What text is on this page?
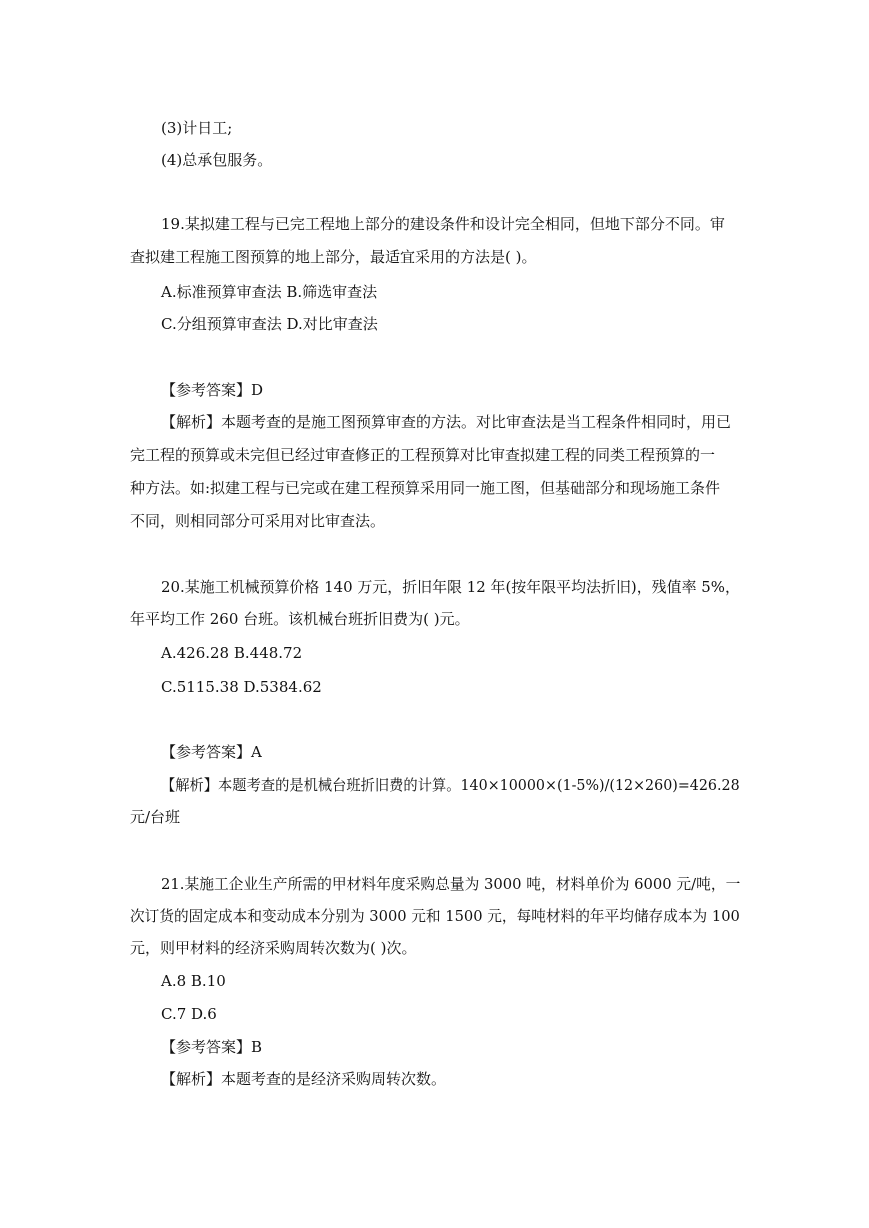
(3)计日工;

(4)总承包服务。

19.某拟建工程与已完工程地上部分的建设条件和设计完全相同，但地下部分不同。审

查拟建工程施工图预算的地上部分，最适宜采用的方法是( )。

A.标准预算审查法 B.筛选审查法

C.分组预算审查法 D.对比审查法

【参考答案】D

【解析】本题考查的是施工图预算审查的方法。对比审查法是当工程条件相同时，用已

完工程的预算或未完但已经过审查修正的工程预算对比审查拟建工程的同类工程预算的一

种方法。如:拟建工程与已完或在建工程预算采用同一施工图，但基础部分和现场施工条件

不同，则相同部分可采用对比审查法。

20.某施工机械预算价格 140 万元，折旧年限 12 年(按年限平均法折旧)，残值率 5%，

年平均工作 260 台班。该机械台班折旧费为( )元。

A.426.28 B.448.72

C.5115.38 D.5384.62

【参考答案】A

【解析】本题考查的是机械台班折旧费的计算。140×10000×(1-5%)/(12×260)=426.28

元/台班

21.某施工企业生产所需的甲材料年度采购总量为 3000 吨，材料单价为 6000 元/吨，一

次订货的固定成本和变动成本分别为 3000 元和 1500 元，每吨材料的年平均储存成本为 100

元，则甲材料的经济采购周转次数为( )次。

A.8 B.10

C.7 D.6

【参考答案】B

【解析】本题考查的是经济采购周转次数。
